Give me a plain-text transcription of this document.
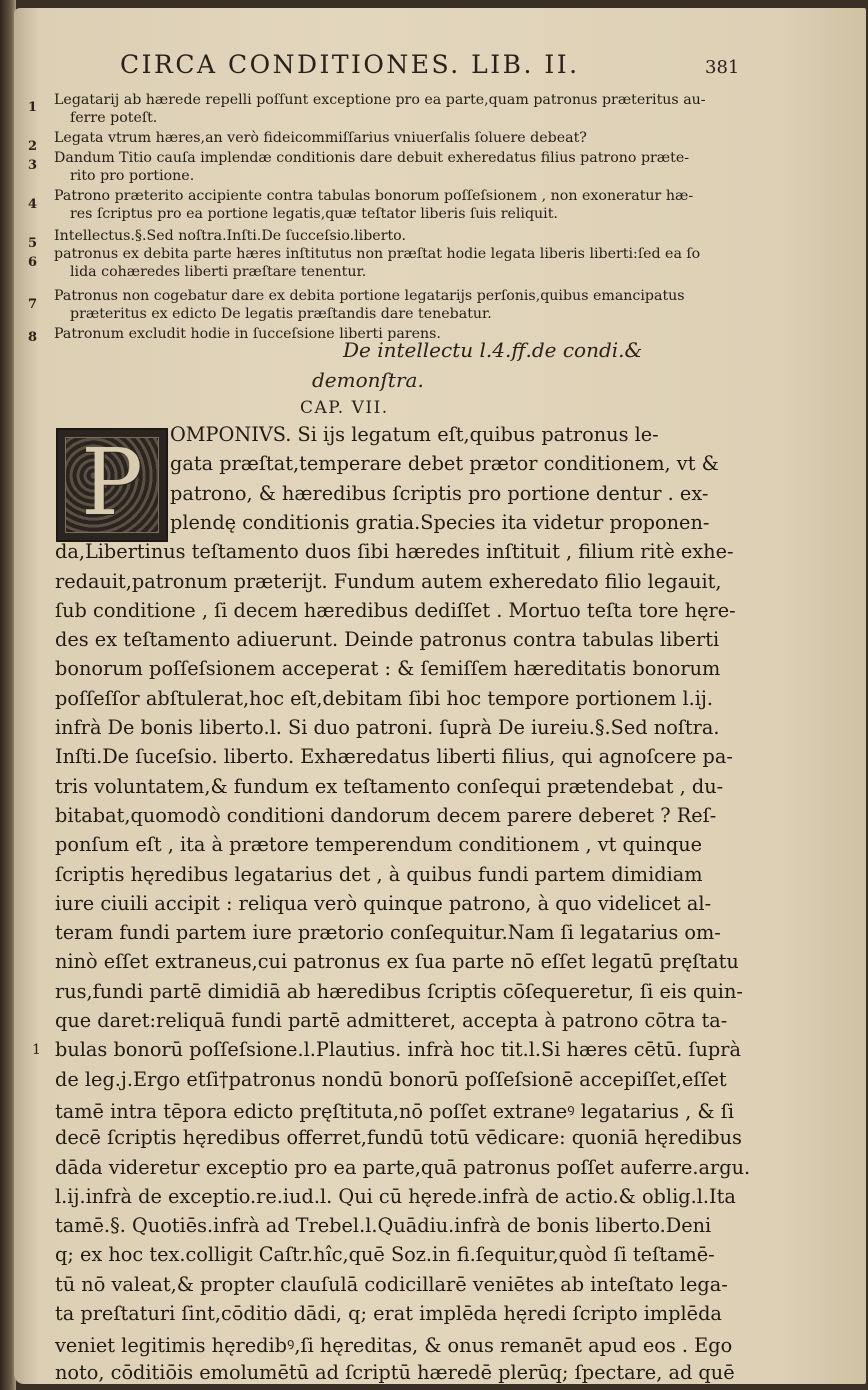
CIRCA CONDITIONES. LIB. II.	381
1 Legatarij ab hærede repelli poſſunt exceptione pro ea parte,quam patronus præteritus au-
ferre poteſt.
2
Legata vtrum hæres,an verò fideicommiſſarius vniuerſalis ſoluere debeat?
3 Dandum Titio cauſa implendæ conditionis dare debuit exheredatus filius patrono præte-
rito pro portione.
4
Patrono præterito accipiente contra tabulas bonorum poſſeſsionem , non exoneratur hæ-
res ſcriptus pro ea portione legatis,quæ teſtator liberis ſuis reliquit.
5 Intellectus.§.Sed noſtra.Inſti.De ſucceſsio.liberto.
6
patronus ex debita parte hæres inſtitutus non præſtat hodie legata liberis liberti:ſed ea ſo
lida cohæredes liberti præſtare tenentur.
7
Patronus non cogebatur dare ex debita portione legatarijs perſonis,quibus emancipatus
præteritus ex edicto De legatis præſtandis dare tenebatur.
8 Patronum excludit hodie in ſucceſsione liberti parens.
De intellectu l.4.ff.de condi.&
demonſtra.
CAP. VII.
P	OMPONIVS. Si ijs legatum eſt,quibus patronus le-
gata præſtat,temperare debet prætor conditionem, vt &
patrono, & hæredibus ſcriptis pro portione dentur . ex-
plendę conditionis gratia.Species ita videtur proponen-
da,Libertinus teſtamento duos ſibi hæredes inſtituit , filium ritè exhe-
redauit,patronum præterijt. Fundum autem exheredato filio legauit,
ſub conditione , ſi decem hæredibus dediſſet . Mortuo teſta tore hęre-
des ex teſtamento adiuerunt. Deinde patronus contra tabulas liberti
bonorum poſſeſsionem acceperat : & ſemiſſem hæreditatis bonorum
poſſeſſor abſtulerat,hoc eſt,debitam ſibi hoc tempore portionem l.ij.
infrà De bonis liberto.l. Si duo patroni. ſuprà De iureiu.§.Sed noſtra.
Inſti.De ſuceſsio. liberto. Exhæredatus liberti filius, qui agnoſcere pa-
tris voluntatem,& fundum ex teſtamento conſequi prætendebat , du-
bitabat,quomodò conditioni dandorum decem parere deberet ? Reſ-
ponſum eſt , ita à prætore temperendum conditionem , vt quinque
ſcriptis hęredibus legatarius det , à quibus fundi partem dimidiam
iure ciuili accipit : reliqua verò quinque patrono, à quo videlicet al-
teram fundi partem iure prætorio conſequitur.Nam ſi legatarius om-
ninò eſſet extraneus,cui patronus ex ſua parte nō eſſet legatū pręſtatu
rus,fundi partē dimidiā ab hæredibus ſcriptis cōſequeretur, ſi eis quin-
que daret:reliquā fundi partē admitteret, accepta à patrono cōtra ta-
bulas bonorū poſſeſsione.l.Plautius. infrà hoc tit.l.Si hæres cētū. ſuprà
de leg.j.Ergo etſi†patronus nondū bonorū poſſeſsionē accepiſſet,eſſet
tamē intra tēpora edicto pręſtituta,nō poſſet extraneꝰ legatarius , & ſi
decē ſcriptis hęredibus offerret,fundū totū vēdicare: quoniā hęredibus
dāda videretur exceptio pro ea parte,quā patronus poſſet auferre.argu.
l.ij.infrà de exceptio.re.iud.l. Qui cū hęrede.infrà de actio.& oblig.l.Ita
tamē.§. Quotiēs.infrà ad Trebel.l.Quādiu.infrà de bonis liberto.Deni
q; ex hoc tex.colligit Caſtr.hîc,quē Soz.in fi.ſequitur,quòd ſi teſtamē-
tū nō valeat,& propter clauſulā codicillarē veniētes ab inteſtato lega-
ta preſtaturi ſint,cōditio dādi, q; erat implēda hęredi ſcripto implēda
veniet legitimis hęredibꝰ,ſi hęreditas, & onus remanēt apud eos . Ego
noto, cōditiōis emolumētū ad ſcriptū hæredē plerūq; ſpectare, ad quē
1
